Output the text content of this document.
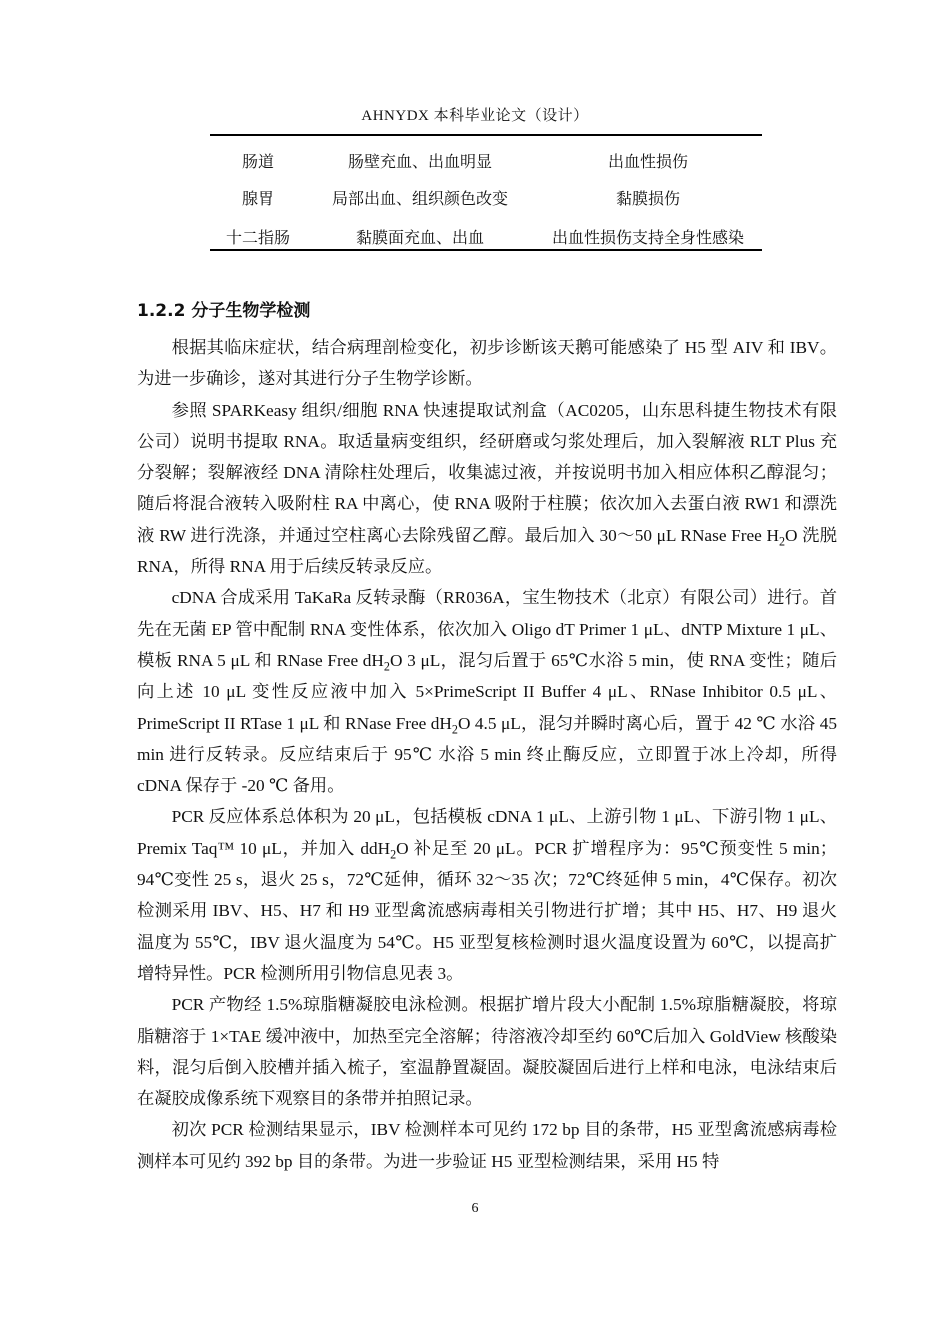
AHNYDX 本科毕业论文（设计）
肠道	肠壁充血、出血明显	出血性损伤
腺胃	局部出血、组织颜色改变	黏膜损伤
十二指肠	黏膜面充血、出血	出血性损伤支持全身性感染
1.2.2 分子生物学检测

根据其临床症状，结合病理剖检变化，初步诊断该天鹅可能感染了 H5 型 AIV 和 IBV。为进一步确诊，遂对其进行分子生物学诊断。

参照 SPARKeasy 组织/细胞 RNA 快速提取试剂盒（AC0205，山东思科捷生物技术有限公司）说明书提取 RNA。取适量病变组织，经研磨或匀浆处理后，加入裂解液 RLT Plus 充分裂解；裂解液经 DNA 清除柱处理后，收集滤过液，并按说明书加入相应体积乙醇混匀；随后将混合液转入吸附柱 RA 中离心，使 RNA 吸附于柱膜；依次加入去蛋白液 RW1 和漂洗液 RW 进行洗涤，并通过空柱离心去除残留乙醇。最后加入 30～50 μL RNase Free $H_2O$ 洗脱 RNA，所得 RNA 用于后续反转录反应。

cDNA 合成采用 TaKaRa 反转录酶（RR036A，宝生物技术（北京）有限公司）进行。首先在无菌 EP 管中配制 RNA 变性体系，依次加入 Oligo dT Primer 1 μL、dNTP Mixture 1 μL、模板 RNA 5 μL 和 RNase Free $dH_2O$ 3 μL，混匀后置于 65℃水浴 5 min，使 RNA 变性；随后向上述 10 μL 变性反应液中加入 5×PrimeScript II Buffer 4 μL、RNase Inhibitor 0.5 μL、PrimeScript II RTase 1 μL 和 RNase Free $dH_2O$ 4.5 μL，混匀并瞬时离心后，置于 42 ℃ 水浴 45 min 进行反转录。反应结束后于 95℃ 水浴 5 min 终止酶反应，立即置于冰上冷却，所得 cDNA 保存于 -20 ℃ 备用。

PCR 反应体系总体积为 20 μL，包括模板 cDNA 1 μL、上游引物 1 μL、下游引物 1 μL、Premix Taq™ 10 μL，并加入 ddH$_2$O 补足至 20 μL。PCR 扩增程序为：95℃预变性 5 min；94℃变性 25 s，退火 25 s，72℃延伸，循环 32～35 次；72℃终延伸 5 min，4℃保存。初次检测采用 IBV、H5、H7 和 H9 亚型禽流感病毒相关引物进行扩增；其中 H5、H7、H9 退火温度为 55℃，IBV 退火温度为 54℃。H5 亚型复核检测时退火温度设置为 60℃，以提高扩增特异性。PCR 检测所用引物信息见表 3。

PCR 产物经 1.5%琼脂糖凝胶电泳检测。根据扩增片段大小配制 1.5%琼脂糖凝胶，将琼脂糖溶于 1×TAE 缓冲液中，加热至完全溶解；待溶液冷却至约 60℃后加入 GoldView 核酸染料，混匀后倒入胶槽并插入梳子，室温静置凝固。凝胶凝固后进行上样和电泳，电泳结束后在凝胶成像系统下观察目的条带并拍照记录。

初次 PCR 检测结果显示，IBV 检测样本可见约 172 bp 目的条带，H5 亚型禽流感病毒检测样本可见约 392 bp 目的条带。为进一步验证 H5 亚型检测结果，采用 H5 特

6
